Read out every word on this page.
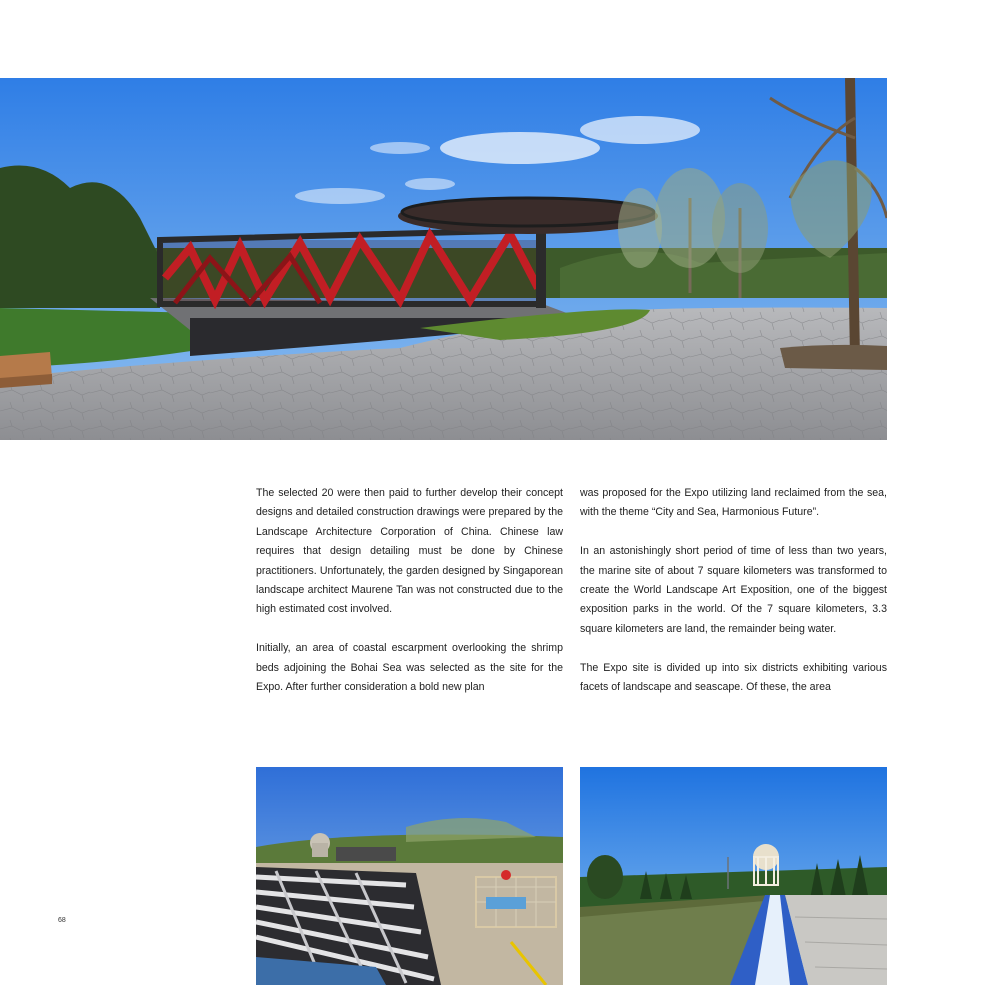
The selected 20 were then paid to further develop their concept designs and detailed construction drawings were prepared by the Landscape Architecture Corporation of China. Chinese law requires that design detailing must be done by Chinese practitioners. Unfortunately, the garden designed by Singaporean landscape architect Maurene Tan was not constructed due to the high estimated cost involved.

Initially, an area of coastal escarpment overlooking the shrimp beds adjoining the Bohai Sea was selected as the site for the Expo. After further consideration a bold new plan

was proposed for the Expo utilizing land reclaimed from the sea, with the theme “City and Sea, Harmonious Future”.

In an astonishingly short period of time of less than two years, the marine site of about 7 square kilometers was transformed to create the World Landscape Art Exposition, one of the biggest exposition parks in the world. Of the 7 square kilometers, 3.3 square kilometers are land, the remainder being water.

The Expo site is divided up into six districts exhibiting various facets of landscape and seascape. Of these, the area

68
